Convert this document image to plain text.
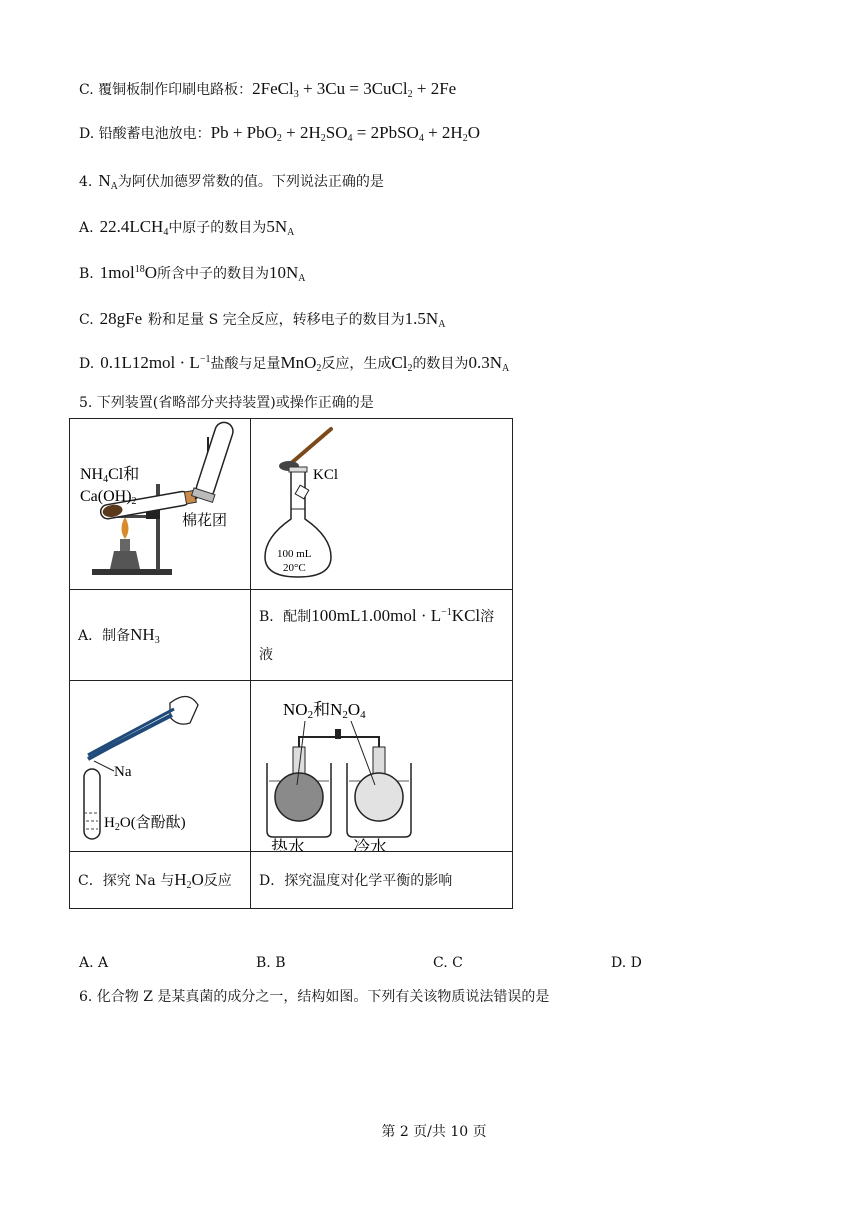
C. 覆铜板制作印刷电路板：2FeCl$_3$ + 3Cu = 3CuCl$_2$ + 2Fe
D. 铅酸蓄电池放电：$Pb + PbO_2 + 2H_2SO_4$ = 2PbSO$_4$ + $2H_2O$
4. $N_A$为阿伏加德罗常数的值。下列说法正确的是
A. $22.4LCH_4$中原子的数目为$5N_A$
B. 1mol$^{18}$O所含中子的数目为$10N_A$
C. 28gFe 粉和足量 S 完全反应，转移电子的数目为$1.5N_A$
D. $0.1L12mol \cdot L^{-1}$盐酸与足量MnO$_2$反应，生成$Cl_2$的数目为$0.3N_A$
5. 下列装置(省略部分夹持装置)或操作正确的是
NH4Cl和
Ca(OH)2
棉花团	KCl
100 mL
20°C

A．制备$NH_3$	B．配制$100mL1.00mol \cdot L^{-1}KCl$溶
液

Na
$H_2O$(含酚酞)	NO2和N2O4
热水 冷水

C．探究 Na 与$H_2O$反应	D．探究温度对化学平衡的影响
A. A	B. B	C. C	D. D
6. 化合物 Z 是某真菌的成分之一，结构如图。下列有关该物质说法错误的是
第 2 页/共 10 页
